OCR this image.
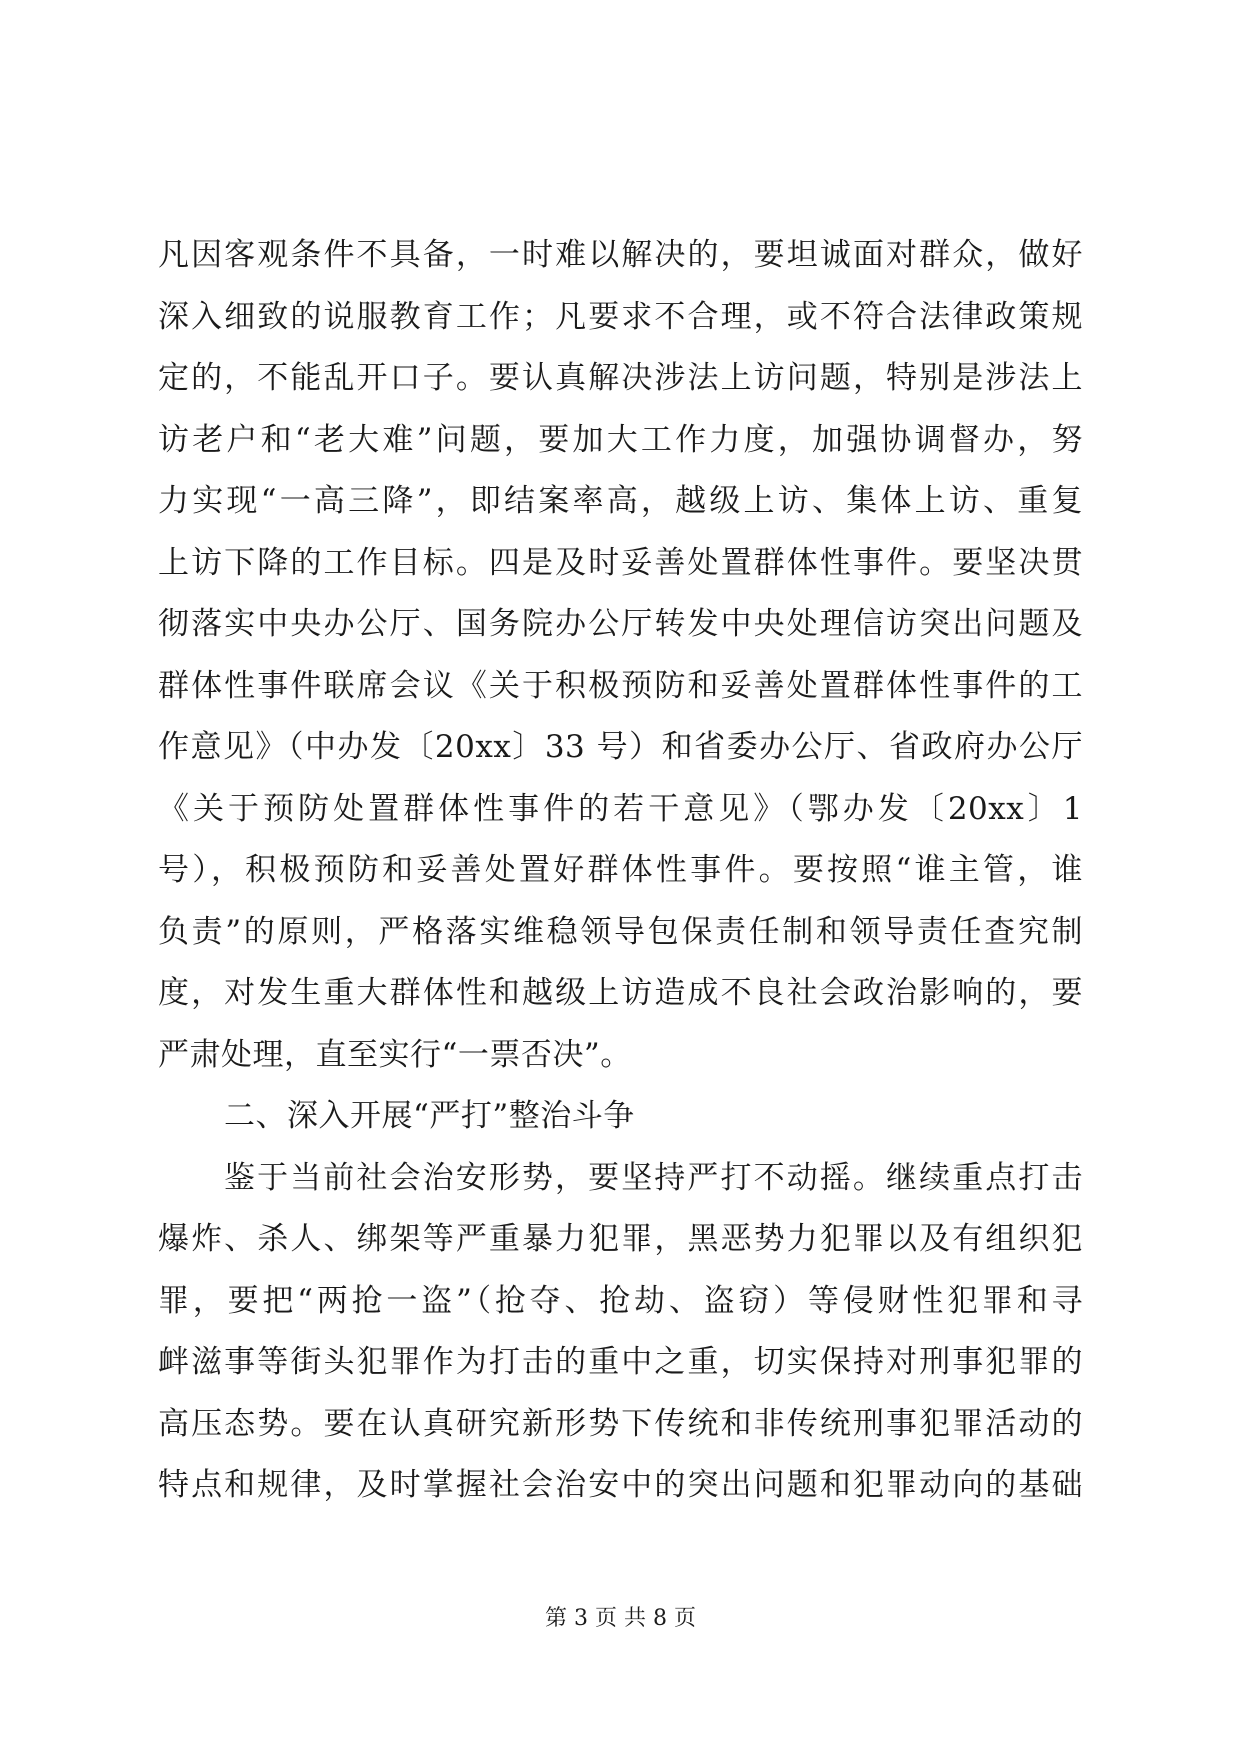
凡因客观条件不具备，一时难以解决的，要坦诚面对群众，做好
深入细致的说服教育工作；凡要求不合理，或不符合法律政策规
定的，不能乱开口子。要认真解决涉法上访问题，特别是涉法上
访老户和“老大难”问题，要加大工作力度，加强协调督办，努
力实现“一高三降”，即结案率高，越级上访、集体上访、重复
上访下降的工作目标。四是及时妥善处置群体性事件。要坚决贯
彻落实中央办公厅、国务院办公厅转发中央处理信访突出问题及
群体性事件联席会议《关于积极预防和妥善处置群体性事件的工
作意见》（中办发〔20xx〕33 号）和省委办公厅、省政府办公厅
《关于预防处置群体性事件的若干意见》（鄂办发〔20xx〕1
号），积极预防和妥善处置好群体性事件。要按照“谁主管，谁
负责”的原则，严格落实维稳领导包保责任制和领导责任查究制
度，对发生重大群体性和越级上访造成不良社会政治影响的，要
严肃处理，直至实行“一票否决”。
二、深入开展“严打”整治斗争
鉴于当前社会治安形势，要坚持严打不动摇。继续重点打击
爆炸、杀人、绑架等严重暴力犯罪，黑恶势力犯罪以及有组织犯
罪，要把“两抢一盗”（抢夺、抢劫、盗窃）等侵财性犯罪和寻
衅滋事等街头犯罪作为打击的重中之重，切实保持对刑事犯罪的
高压态势。要在认真研究新形势下传统和非传统刑事犯罪活动的
特点和规律，及时掌握社会治安中的突出问题和犯罪动向的基础
第 3 页 共 8 页
